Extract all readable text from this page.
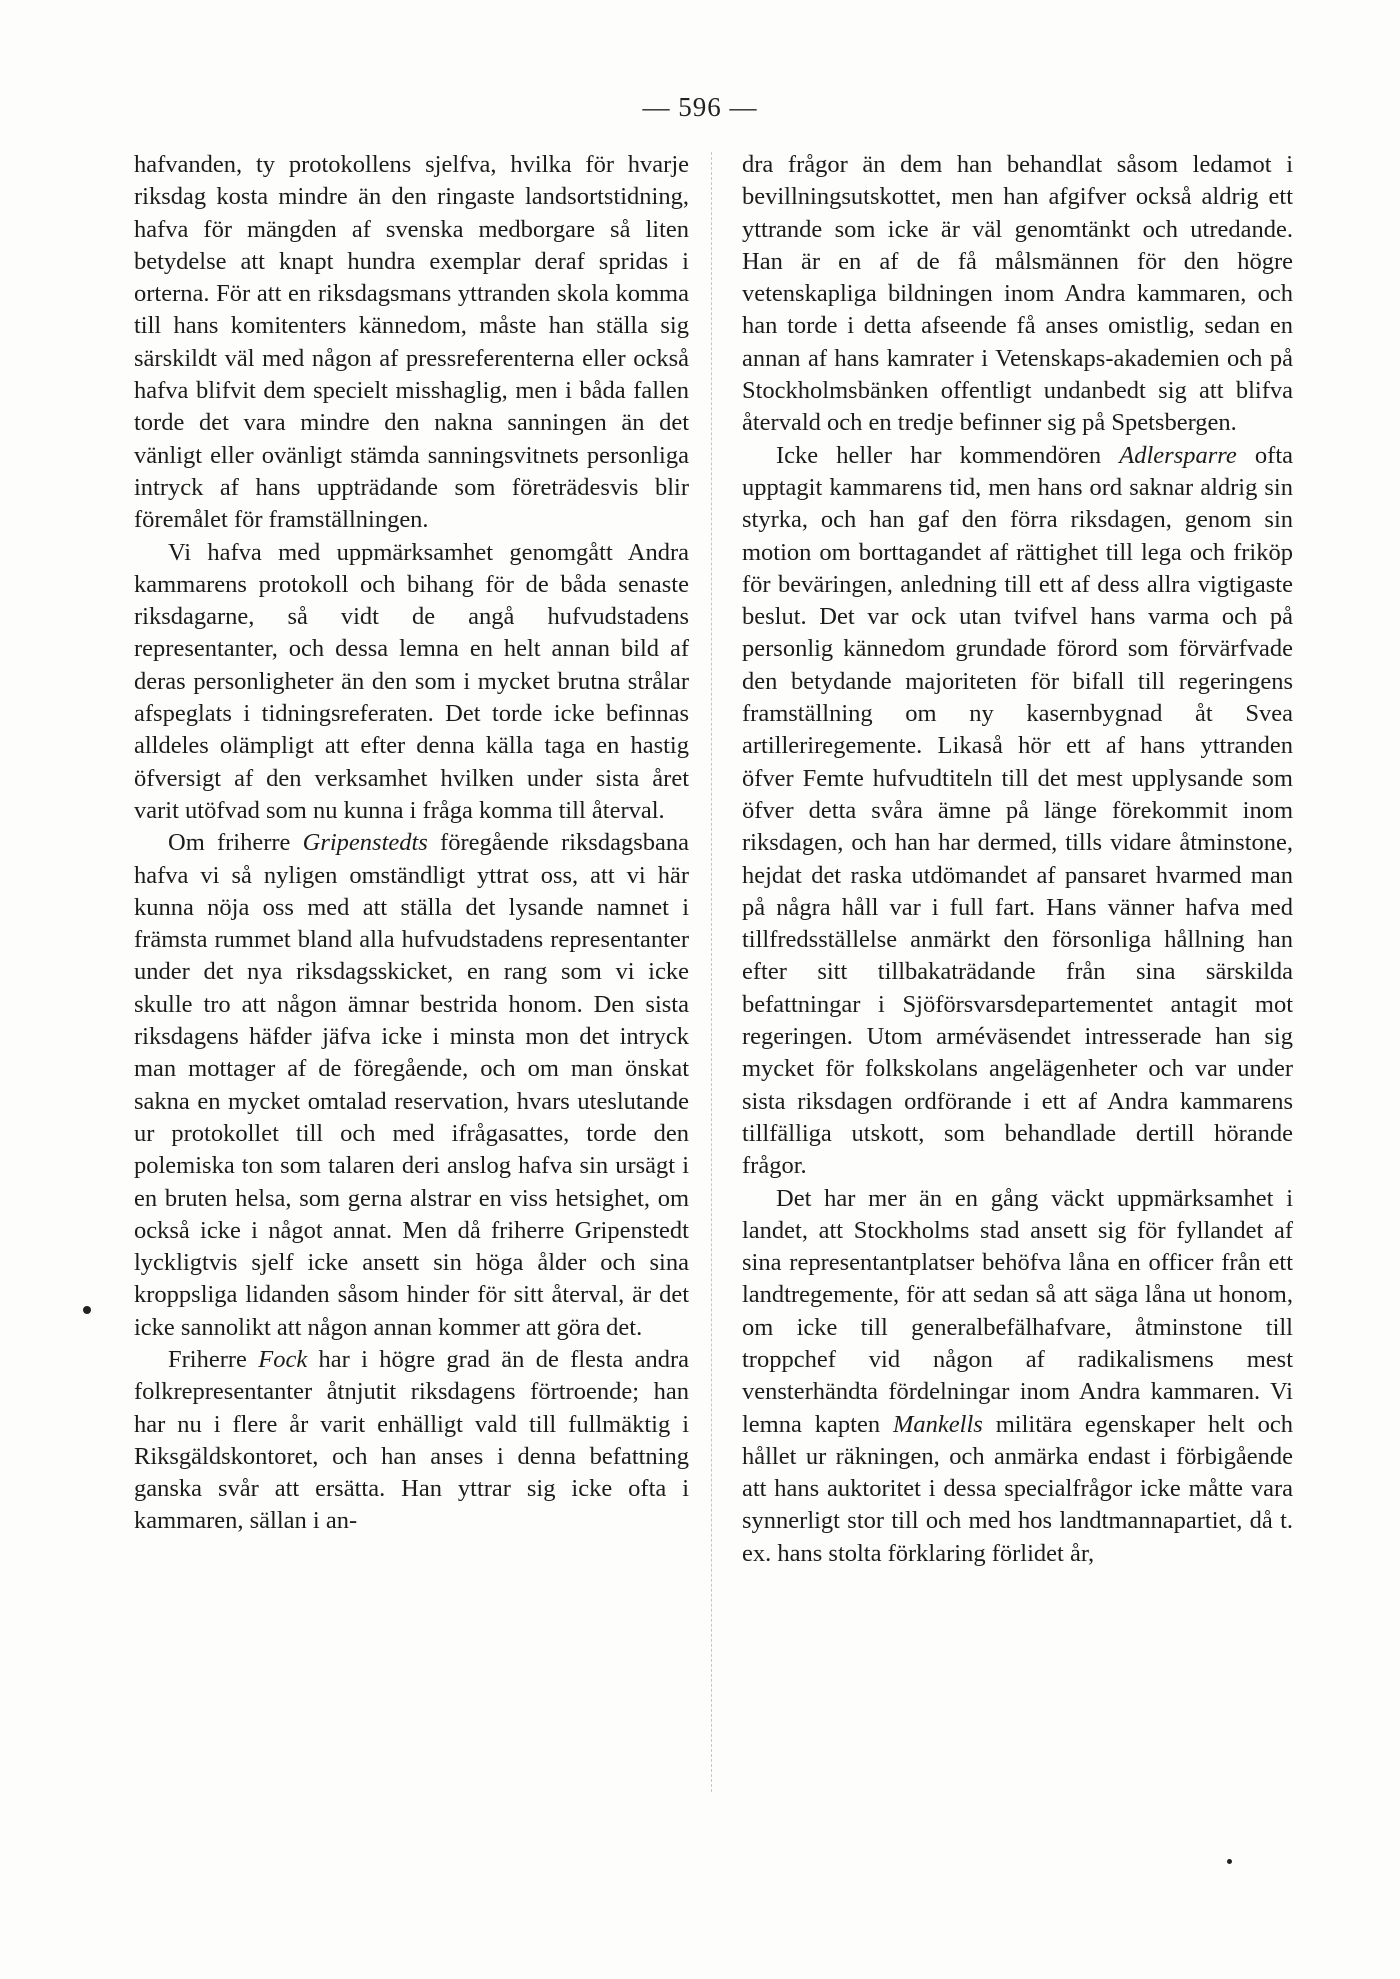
— 596 —

hafvanden, ty protokollens sjelfva, hvilka för hvarje riksdag kosta mindre än den ringaste landsortstidning, hafva för mängden af svenska medborgare så liten betydelse att knapt hundra exemplar deraf spridas i orterna. För att en riksdagsmans yttranden skola komma till hans komitenters kännedom, måste han ställa sig särskildt väl med någon af pressreferenterna eller också hafva blifvit dem specielt misshaglig, men i båda fallen torde det vara mindre den nakna sanningen än det vänligt eller ovänligt stämda sanningsvitnets personliga intryck af hans uppträdande som företrädesvis blir föremålet för framställningen.

Vi hafva med uppmärksamhet genomgått Andra kammarens protokoll och bihang för de båda senaste riksdagarne, så vidt de angå hufvudstadens representanter, och dessa lemna en helt annan bild af deras personligheter än den som i mycket brutna strålar afspeglats i tidningsreferaten. Det torde icke befinnas alldeles olämpligt att efter denna källa taga en hastig öfversigt af den verksamhet hvilken under sista året varit utöfvad som nu kunna i fråga komma till återval.

Om friherre Gripenstedts föregående riksdagsbana hafva vi så nyligen omständligt yttrat oss, att vi här kunna nöja oss med att ställa det lysande namnet i främsta rummet bland alla hufvudstadens representanter under det nya riksdagsskicket, en rang som vi icke skulle tro att någon ämnar bestrida honom. Den sista riksdagens häfder jäfva icke i minsta mon det intryck man mottager af de föregående, och om man önskat sakna en mycket omtalad reservation, hvars uteslutande ur protokollet till och med ifrågasattes, torde den polemiska ton som talaren deri anslog hafva sin ursägt i en bruten helsa, som gerna alstrar en viss hetsighet, om också icke i något annat. Men då friherre Gripenstedt lyckligtvis sjelf icke ansett sin höga ålder och sina kroppsliga lidanden såsom hinder för sitt återval, är det icke sannolikt att någon annan kommer att göra det.

Friherre Fock har i högre grad än de flesta andra folkrepresentanter åtnjutit riksdagens förtroende; han har nu i flere år varit enhälligt vald till fullmäktig i Riksgäldskontoret, och han anses i denna befattning ganska svår att ersätta. Han yttrar sig icke ofta i kammaren, sällan i an-

dra frågor än dem han behandlat såsom ledamot i bevillningsutskottet, men han afgifver också aldrig ett yttrande som icke är väl genomtänkt och utredande. Han är en af de få målsmännen för den högre vetenskapliga bildningen inom Andra kammaren, och han torde i detta afseende få anses omistlig, sedan en annan af hans kamrater i Vetenskaps-akademien och på Stockholmsbänken offentligt undanbedt sig att blifva återvald och en tredje befinner sig på Spetsbergen.

Icke heller har kommendören Adlersparre ofta upptagit kammarens tid, men hans ord saknar aldrig sin styrka, och han gaf den förra riksdagen, genom sin motion om borttagandet af rättighet till lega och friköp för beväringen, anledning till ett af dess allra vigtigaste beslut. Det var ock utan tvifvel hans varma och på personlig kännedom grundade förord som förvärfvade den betydande majoriteten för bifall till regeringens framställning om ny kasernbygnad åt Svea artilleriregemente. Likaså hör ett af hans yttranden öfver Femte hufvudtiteln till det mest upplysande som öfver detta svåra ämne på länge förekommit inom riksdagen, och han har dermed, tills vidare åtminstone, hejdat det raska utdömandet af pansaret hvarmed man på några håll var i full fart. Hans vänner hafva med tillfredsställelse anmärkt den försonliga hållning han efter sitt tillbakaträdande från sina särskilda befattningar i Sjöförsvarsdepartementet antagit mot regeringen. Utom arméväsendet intresserade han sig mycket för folkskolans angelägenheter och var under sista riksdagen ordförande i ett af Andra kammarens tillfälliga utskott, som behandlade dertill hörande frågor.

Det har mer än en gång väckt uppmärksamhet i landet, att Stockholms stad ansett sig för fyllandet af sina representantplatser behöfva låna en officer från ett landtregemente, för att sedan så att säga låna ut honom, om icke till generalbefälhafvare, åtminstone till troppchef vid någon af radikalismens mest vensterhändta fördelningar inom Andra kammaren. Vi lemna kapten Mankells militära egenskaper helt och hållet ur räkningen, och anmärka endast i förbigående att hans auktoritet i dessa specialfrågor icke måtte vara synnerligt stor till och med hos landtmannapartiet, då t. ex. hans stolta förklaring förlidet år,
